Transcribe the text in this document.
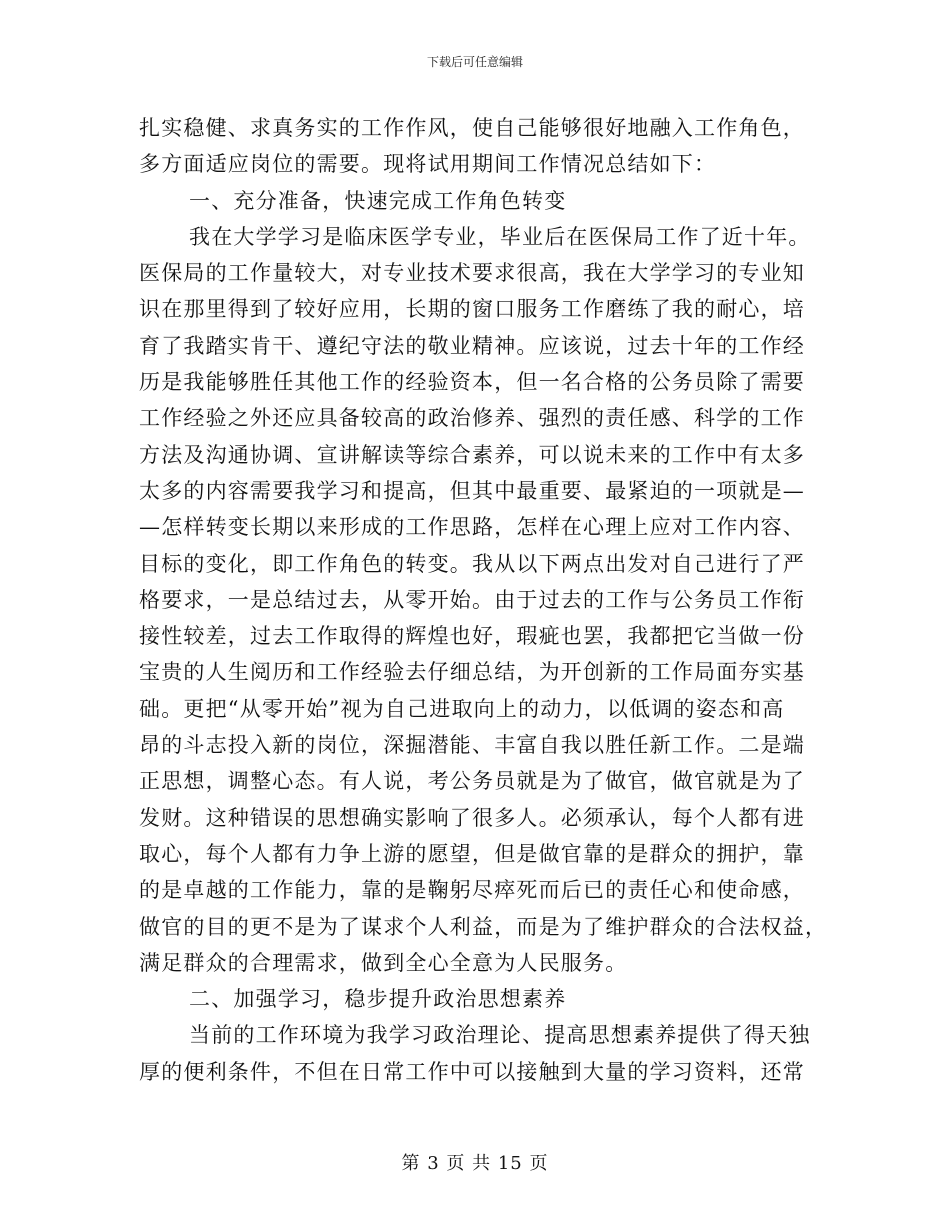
下载后可任意编辑
扎实稳健、求真务实的工作作风，使自己能够很好地融入工作角色，
多方面适应岗位的需要。现将试用期间工作情况总结如下：
一、充分准备，快速完成工作角色转变
我在大学学习是临床医学专业，毕业后在医保局工作了近十年。
医保局的工作量较大，对专业技术要求很高，我在大学学习的专业知
识在那里得到了较好应用，长期的窗口服务工作磨练了我的耐心，培
育了我踏实肯干、遵纪守法的敬业精神。应该说，过去十年的工作经
历是我能够胜任其他工作的经验资本，但一名合格的公务员除了需要
工作经验之外还应具备较高的政治修养、强烈的责任感、科学的工作
方法及沟通协调、宣讲解读等综合素养，可以说未来的工作中有太多
太多的内容需要我学习和提高，但其中最重要、最紧迫的一项就是—
—怎样转变长期以来形成的工作思路，怎样在心理上应对工作内容、
目标的变化，即工作角色的转变。我从以下两点出发对自己进行了严
格要求，一是总结过去，从零开始。由于过去的工作与公务员工作衔
接性较差，过去工作取得的辉煌也好，瑕疵也罢，我都把它当做一份
宝贵的人生阅历和工作经验去仔细总结，为开创新的工作局面夯实基
础。更把“从零开始”视为自己进取向上的动力，以低调的姿态和高
昂的斗志投入新的岗位，深掘潜能、丰富自我以胜任新工作。二是端
正思想，调整心态。有人说，考公务员就是为了做官，做官就是为了
发财。这种错误的思想确实影响了很多人。必须承认，每个人都有进
取心，每个人都有力争上游的愿望，但是做官靠的是群众的拥护，靠
的是卓越的工作能力，靠的是鞠躬尽瘁死而后已的责任心和使命感，
做官的目的更不是为了谋求个人利益，而是为了维护群众的合法权益，
满足群众的合理需求，做到全心全意为人民服务。
二、加强学习，稳步提升政治思想素养
当前的工作环境为我学习政治理论、提高思想素养提供了得天独
厚的便利条件，不但在日常工作中可以接触到大量的学习资料，还常
第 3 页 共 15 页
